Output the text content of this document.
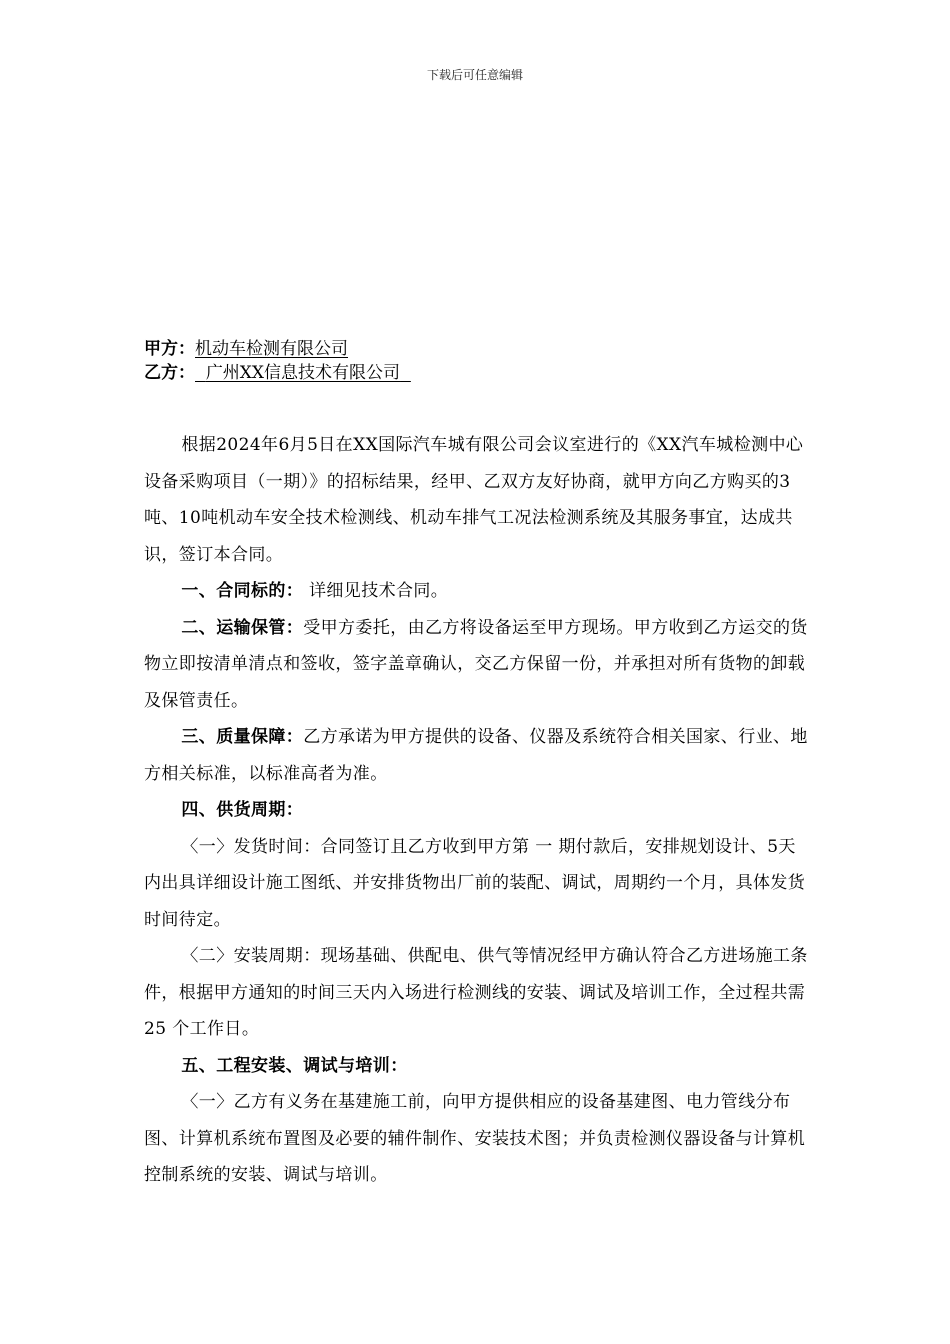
下载后可任意编辑
甲方：机动车检测有限公司
乙方： 广州XX信息技术有限公司

根据2024年6月5日在XX国际汽车城有限公司会议室进行的《XX汽车城检测中心设备采购项目（一期）》的招标结果，经甲、乙双方友好协商，就甲方向乙方购买的3吨、10吨机动车安全技术检测线、机动车排气工况法检测系统及其服务事宜，达成共识，签订本合同。

一、合同标的： 详细见技术合同。

二、运输保管：受甲方委托，由乙方将设备运至甲方现场。甲方收到乙方运交的货物立即按清单清点和签收，签字盖章确认，交乙方保留一份，并承担对所有货物的卸载及保管责任。

三、质量保障：乙方承诺为甲方提供的设备、仪器及系统符合相关国家、行业、地方相关标准，以标准高者为准。

四、供货周期：

〈一〉发货时间：合同签订且乙方收到甲方第 一 期付款后，安排规划设计、5天内出具详细设计施工图纸、并安排货物出厂前的装配、调试，周期约一个月，具体发货时间待定。

〈二〉安装周期：现场基础、供配电、供气等情况经甲方确认符合乙方进场施工条件，根据甲方通知的时间三天内入场进行检测线的安装、调试及培训工作，全过程共需 25 个工作日。

五、工程安装、调试与培训：

〈一〉乙方有义务在基建施工前，向甲方提供相应的设备基建图、电力管线分布图、计算机系统布置图及必要的辅件制作、安装技术图；并负责检测仪器设备与计算机控制系统的安装、调试与培训。
